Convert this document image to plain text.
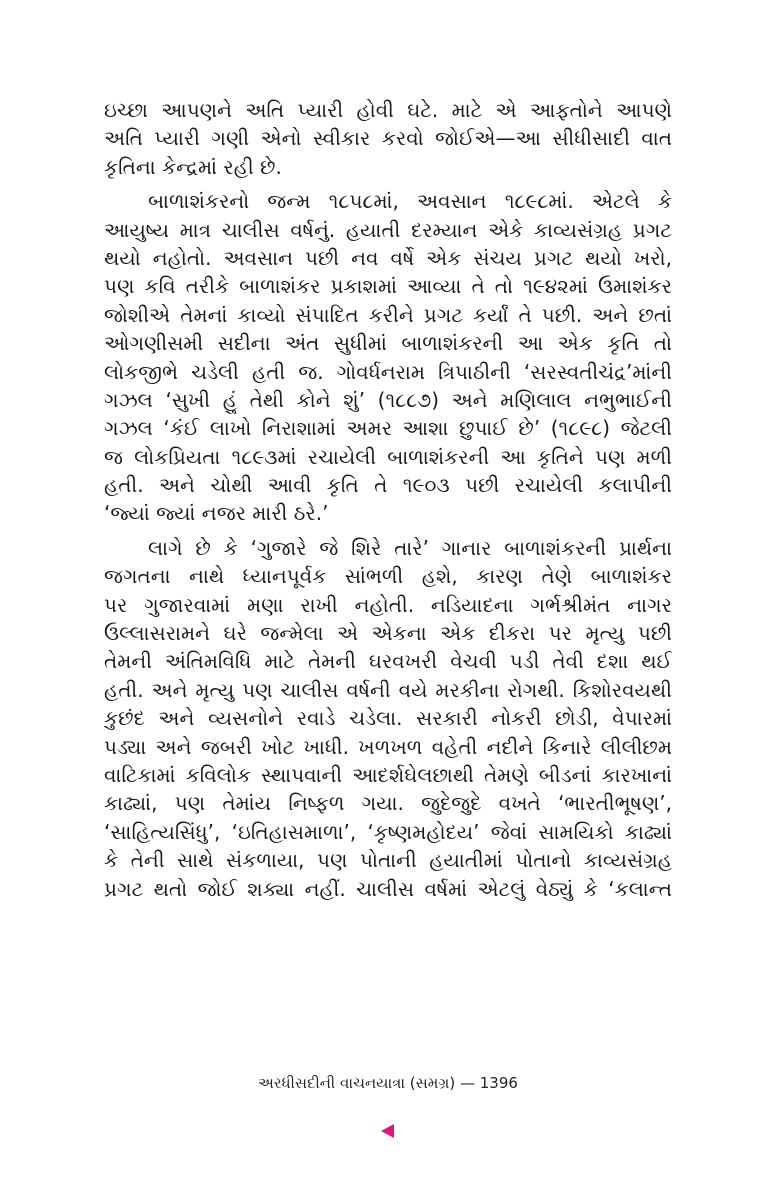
ઇચ્છા આપણને અતિ પ્યારી હોવી ઘટે. માટે એ આફતોને આપણે
અતિ પ્યારી ગણી એનો સ્વીકાર કરવો જોઈએ—આ સીધીસાદી વાત
કૃતિના કેન્દ્રમાં રહી છે.
બાળાશંકરનો જન્મ ૧૮૫૮માં, અવસાન ૧૮૯૮માં. એટલે કે
આયુષ્ય માત્ર ચાલીસ વર્ષનું. હયાતી દરમ્યાન એકે કાવ્યસંગ્રહ પ્રગટ
થયો નહોતો. અવસાન પછી નવ વર્ષે એક સંચય પ્રગટ થયો ખરો,
પણ કવિ તરીકે બાળાશંકર પ્રકાશમાં આવ્યા તે તો ૧૯૪૨માં ઉમાશંકર
જોશીએ તેમનાં કાવ્યો સંપાદિત કરીને પ્રગટ કર્યાં તે પછી. અને છતાં
ઓગણીસમી સદીના અંત સુધીમાં બાળાશંકરની આ એક કૃતિ તો
લોકજીભે ચડેલી હતી જ. ગોવર્ધનરામ ત્રિપાઠીની ‘સરસ્વતીચંદ્ર’માંની
ગઝલ ‘સુખી હું તેથી કોને શું’ (૧૮૮૭) અને મણિલાલ નભુભાઈની
ગઝલ ‘કંઈ લાખો નિરાશામાં અમર આશા છુપાઈ છે’ (૧૮૯૮) જેટલી
જ લોકપ્રિયતા ૧૮૯૩માં રચાયેલી બાળાશંકરની આ કૃતિને પણ મળી
હતી. અને ચોથી આવી કૃતિ તે ૧૯૦૩ પછી રચાયેલી કલાપીની
‘જ્યાં જ્યાં નજર મારી ઠરે.’
લાગે છે કે ‘ગુજારે જે શિરે તારે’ ગાનાર બાળાશંકરની પ્રાર્થના
જગતના નાથે ધ્યાનપૂર્વક સાંભળી હશે, કારણ તેણે બાળાશંકર
પર ગુજારવામાં મણા રાખી નહોતી. નડિયાદના ગર્ભશ્રીમંત નાગર
ઉલ્લાસરામને ઘરે જન્મેલા એ એકના એક દીકરા પર મૃત્યુ પછી
તેમની અંતિમવિધિ માટે તેમની ઘરવખરી વેચવી પડી તેવી દશા થઈ
હતી. અને મૃત્યુ પણ ચાલીસ વર્ષની વયે મરકીના રોગથી. કિશોરવયથી
કુછંદ અને વ્યસનોને રવાડે ચડેલા. સરકારી નોકરી છોડી, વેપારમાં
પડ્યા અને જબરી ખોટ ખાધી. ખળખળ વહેતી નદીને કિનારે લીલીછમ
વાટિકામાં કવિલોક સ્થાપવાની આદર્શઘેલછાથી તેમણે બીડનાં કારખાનાં
કાઢ્યાં, પણ તેમાંય નિષ્ફળ ગયા. જુદેજુદે વખતે ‘ભારતીભૂષણ’,
‘સાહિત્યસિંધુ’, ‘ઇતિહાસમાળા’, ‘કૃષ્ણમહોદય’ જેવાં સામયિકો કાઢ્યાં
કે તેની સાથે સંકળાયા, પણ પોતાની હયાતીમાં પોતાનો કાવ્યસંગ્રહ
પ્રગટ થતો જોઈ શક્યા નહીં. ચાલીસ વર્ષમાં એટલું વેઠ્યું કે ‘કલાન્ત
અરધીસદીની વાચનયાત્રા (સમગ્ર) — 1396
